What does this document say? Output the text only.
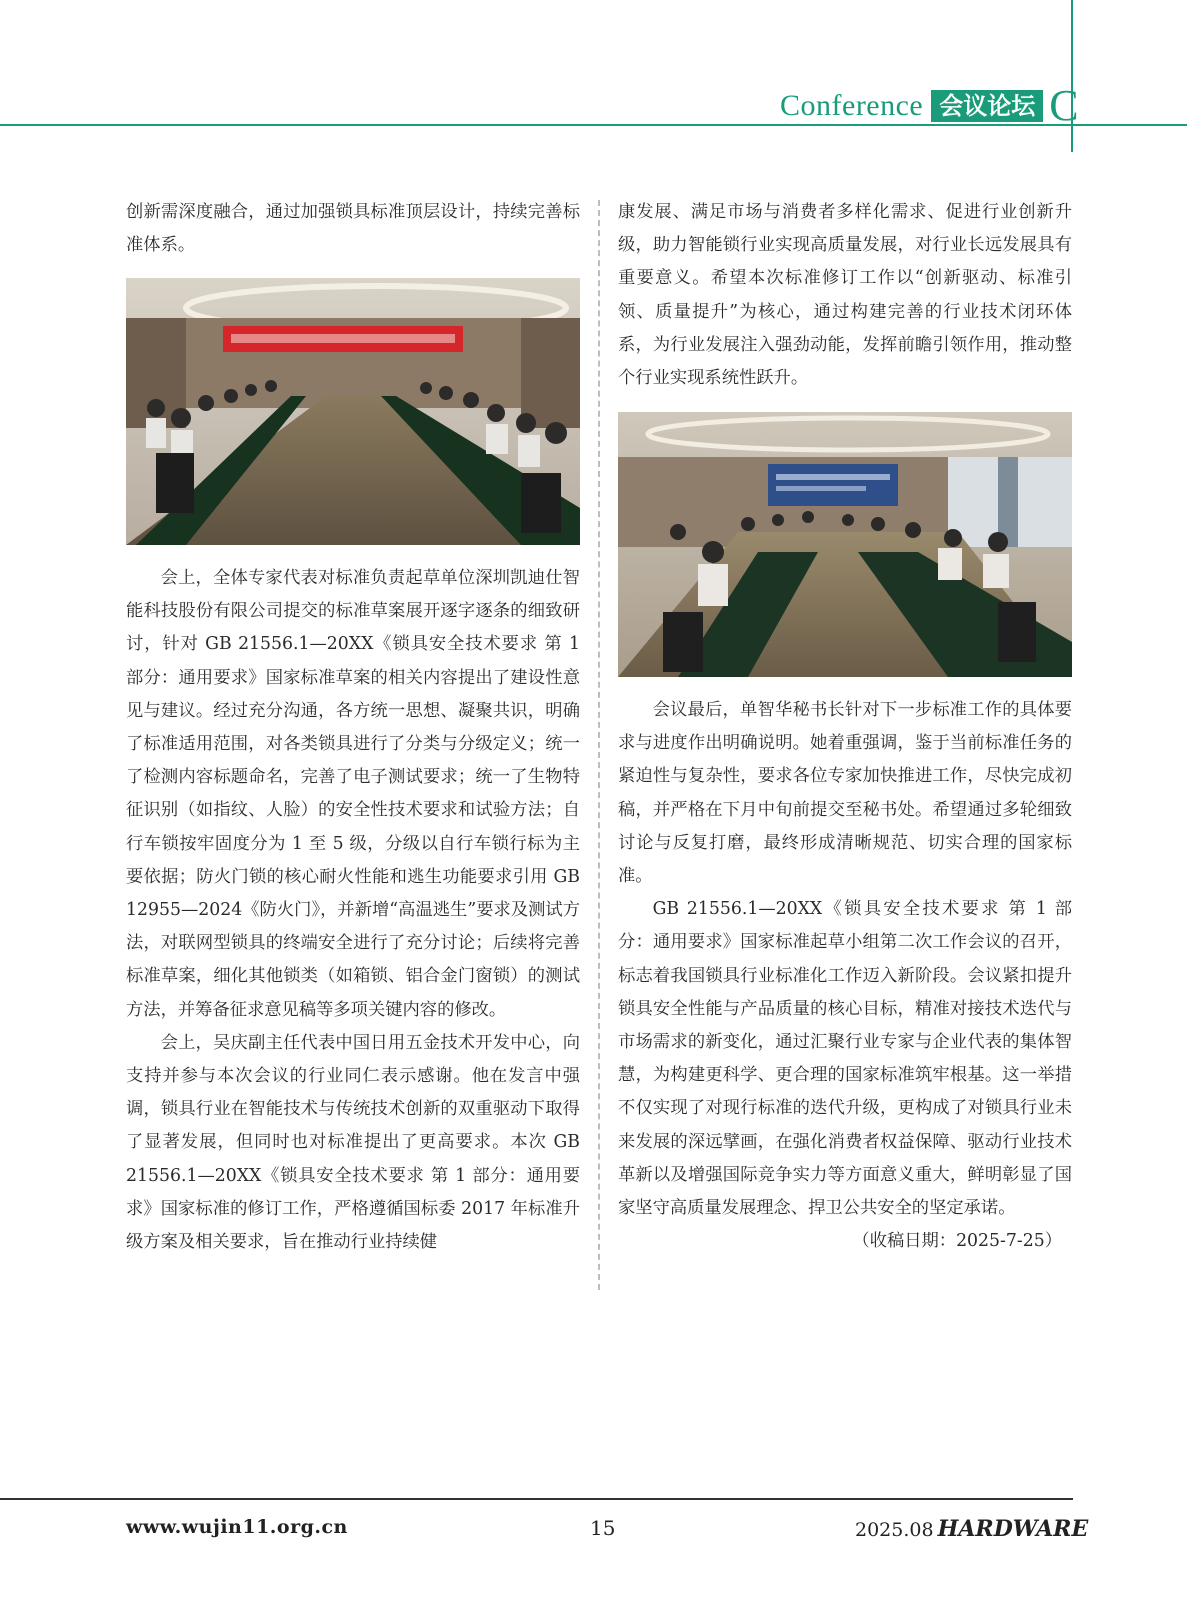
Conference 会议论坛 C

创新需深度融合，通过加强锁具标准顶层设计，持续完善标准体系。

会上，全体专家代表对标准负责起草单位深圳凯迪仕智能科技股份有限公司提交的标准草案展开逐字逐条的细致研讨，针对 GB 21556.1—20XX《锁具安全技术要求 第 1 部分：通用要求》国家标准草案的相关内容提出了建设性意见与建议。经过充分沟通，各方统一思想、凝聚共识，明确了标准适用范围，对各类锁具进行了分类与分级定义；统一了检测内容标题命名，完善了电子测试要求；统一了生物特征识别（如指纹、人脸）的安全性技术要求和试验方法；自行车锁按牢固度分为 1 至 5 级，分级以自行车锁行标为主要依据；防火门锁的核心耐火性能和逃生功能要求引用 GB 12955—2024《防火门》，并新增“高温逃生”要求及测试方法，对联网型锁具的终端安全进行了充分讨论；后续将完善标准草案，细化其他锁类（如箱锁、铝合金门窗锁）的测试方法，并筹备征求意见稿等多项关键内容的修改。

会上，吴庆副主任代表中国日用五金技术开发中心，向支持并参与本次会议的行业同仁表示感谢。他在发言中强调，锁具行业在智能技术与传统技术创新的双重驱动下取得了显著发展，但同时也对标准提出了更高要求。本次 GB 21556.1—20XX《锁具安全技术要求 第 1 部分：通用要求》国家标准的修订工作，严格遵循国标委 2017 年标准升级方案及相关要求，旨在推动行业持续健

康发展、满足市场与消费者多样化需求、促进行业创新升级，助力智能锁行业实现高质量发展，对行业长远发展具有重要意义。希望本次标准修订工作以“创新驱动、标准引领、质量提升”为核心，通过构建完善的行业技术闭环体系，为行业发展注入强劲动能，发挥前瞻引领作用，推动整个行业实现系统性跃升。

会议最后，单智华秘书长针对下一步标准工作的具体要求与进度作出明确说明。她着重强调，鉴于当前标准任务的紧迫性与复杂性，要求各位专家加快推进工作，尽快完成初稿，并严格在下月中旬前提交至秘书处。希望通过多轮细致讨论与反复打磨，最终形成清晰规范、切实合理的国家标准。

GB 21556.1—20XX《锁具安全技术要求 第 1 部分：通用要求》国家标准起草小组第二次工作会议的召开，标志着我国锁具行业标准化工作迈入新阶段。会议紧扣提升锁具安全性能与产品质量的核心目标，精准对接技术迭代与市场需求的新变化，通过汇聚行业专家与企业代表的集体智慧，为构建更科学、更合理的国家标准筑牢根基。这一举措不仅实现了对现行标准的迭代升级，更构成了对锁具行业未来发展的深远擘画，在强化消费者权益保障、驱动行业技术革新以及增强国际竞争实力等方面意义重大，鲜明彰显了国家坚守高质量发展理念、捍卫公共安全的坚定承诺。

（收稿日期：2025-7-25）

www.wujin11.org.cn	15	2025.08 HARDWARE
